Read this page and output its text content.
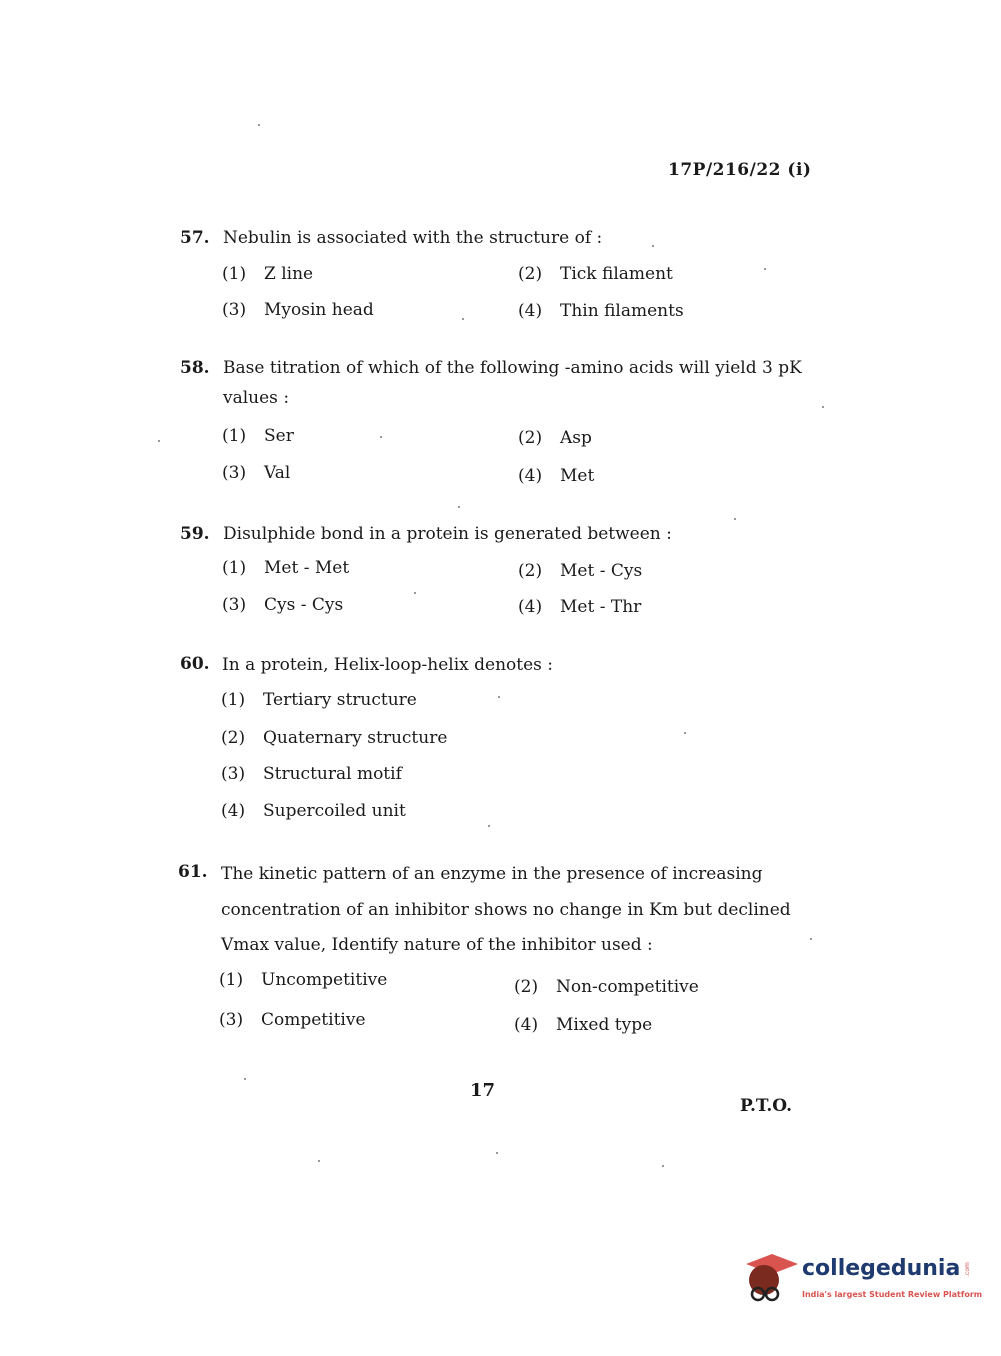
17P/216/22 (i)
57. Nebulin is associated with the structure of :
(1) Z line	(2) Tick filament
(3) Myosin head	(4) Thin filaments
58. Base titration of which of the following -amino acids will yield 3 pK
values :
(1) Ser	(2) Asp
(3) Val	(4) Met
59. Disulphide bond in a protein is generated between :
(1) Met - Met	(2) Met - Cys
(3) Cys - Cys	(4) Met - Thr
60. In a protein, Helix-loop-helix denotes :
(1) Tertiary structure
(2) Quaternary structure
(3) Structural motif
(4) Supercoiled unit
61. The kinetic pattern of an enzyme in the presence of increasing
concentration of an inhibitor shows no change in Km but declined
Vmax value, Identify nature of the inhibitor used :
(1) Uncompetitive	(2) Non-competitive
(3) Competitive	(4) Mixed type
17
P.T.O.
collegedunia .com
India's largest Student Review Platform
